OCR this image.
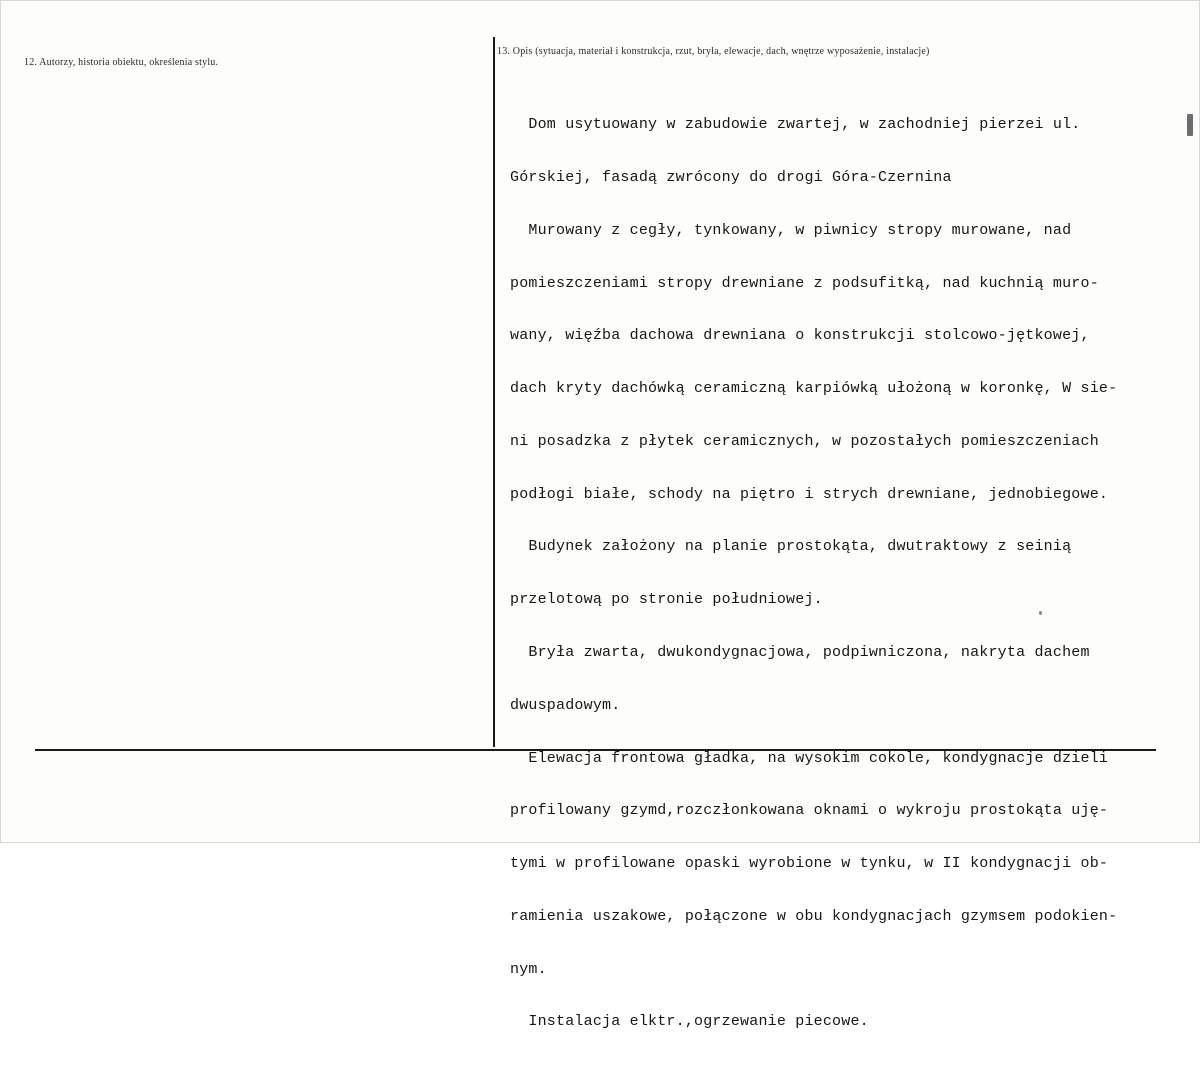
12. Autorzy, historia obiektu, określenia stylu.
13. Opis (sytuacja, materiał i konstrukcja, rzut, bryła, elewacje, dach, wnętrze wyposażenie, instalacje)

Dom usytuowany w zabudowie zwartej, w zachodniej pierzei ul.

Górskiej, fasadą zwrócony do drogi Góra-Czernina

Murowany z cegły, tynkowany, w piwnicy stropy murowane, nad

pomieszczeniami stropy drewniane z podsufitką, nad kuchnią muro-

wany, więźba dachowa drewniana o konstrukcji stolcowo-jętkowej,

dach kryty dachówką ceramiczną karpiówką ułożoną w koronkę, W sie-

ni posadzka z płytek ceramicznych, w pozostałych pomieszczeniach

podłogi białe, schody na piętro i strych drewniane, jednobiegowe.

Budynek założony na planie prostokąta, dwutraktowy z seinią

przelotową po stronie południowej.

Bryła zwarta, dwukondygnacjowa, podpiwniczona, nakryta dachem

dwuspadowym.

Elewacja frontowa gładka, na wysokim cokole, kondygnacje dzieli

profilowany gzymd,rozczłonkowana oknami o wykroju prostokąta uję-

tymi w profilowane opaski wyrobione w tynku, w II kondygnacji ob-

ramienia uszakowe, połączone w obu kondygnacjach gzymsem podokien-

nym.

Instalacja elktr.,ogrzewanie piecowe.
